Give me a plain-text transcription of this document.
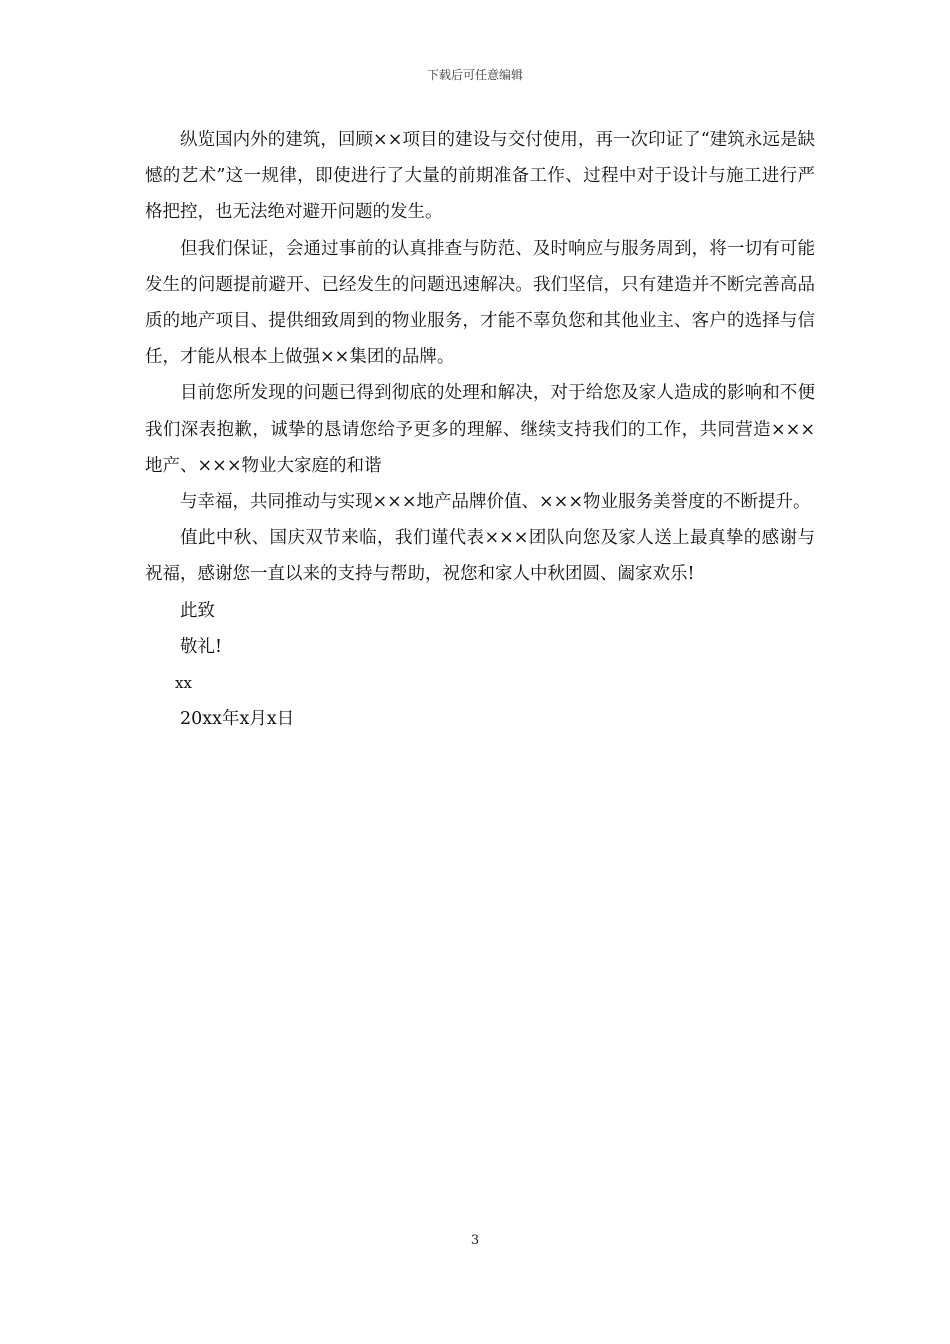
下载后可任意编辑

纵览国内外的建筑，回顾××项目的建设与交付使用，再一次印证了“建筑永远是缺憾的艺术”这一规律，即使进行了大量的前期准备工作、过程中对于设计与施工进行严格把控，也无法绝对避开问题的发生。

但我们保证，会通过事前的认真排查与防范、及时响应与服务周到，将一切有可能发生的问题提前避开、已经发生的问题迅速解决。我们坚信，只有建造并不断完善高品质的地产项目、提供细致周到的物业服务，才能不辜负您和其他业主、客户的选择与信任，才能从根本上做强××集团的品牌。

目前您所发现的问题已得到彻底的处理和解决，对于给您及家人造成的影响和不便我们深表抱歉，诚挚的恳请您给予更多的理解、继续支持我们的工作，共同营造×××地产、×××物业大家庭的和谐

与幸福，共同推动与实现×××地产品牌价值、×××物业服务美誉度的不断提升。

值此中秋、国庆双节来临，我们谨代表×××团队向您及家人送上最真挚的感谢与祝福，感谢您一直以来的支持与帮助，祝您和家人中秋团圆、阖家欢乐!

此致

敬礼!

xx

20xx年x月x日

3
